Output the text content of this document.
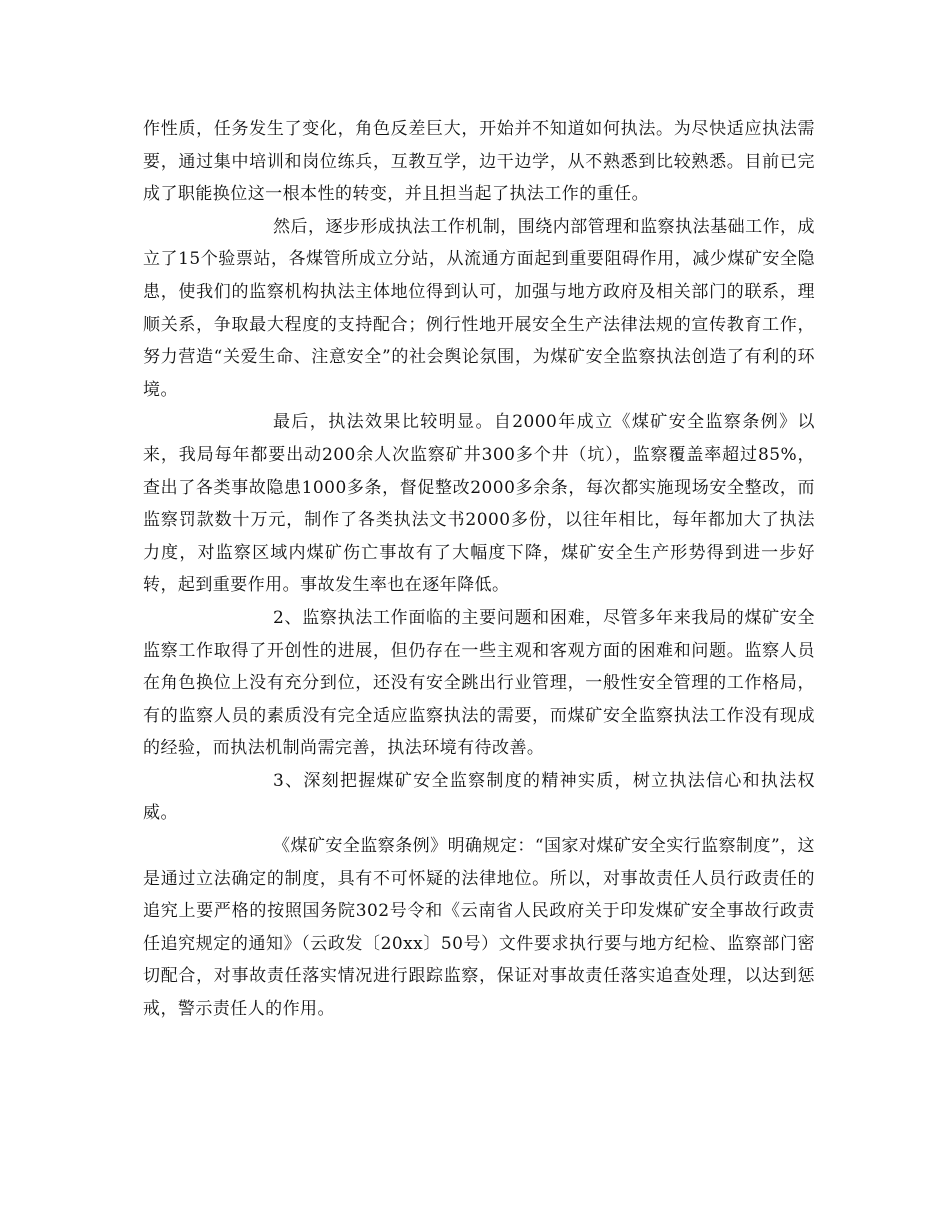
作性质，任务发生了变化，角色反差巨大，开始并不知道如何执法。为尽快适应执法需要，通过集中培训和岗位练兵，互教互学，边干边学，从不熟悉到比较熟悉。目前已完成了职能换位这一根本性的转变，并且担当起了执法工作的重任。

然后，逐步形成执法工作机制，围绕内部管理和监察执法基础工作，成立了15个验票站，各煤管所成立分站，从流通方面起到重要阻碍作用，减少煤矿安全隐患，使我们的监察机构执法主体地位得到认可，加强与地方政府及相关部门的联系，理顺关系，争取最大程度的支持配合；例行性地开展安全生产法律法规的宣传教育工作，努力营造“关爱生命、注意安全”的社会舆论氛围，为煤矿安全监察执法创造了有利的环境。

最后，执法效果比较明显。自2000年成立《煤矿安全监察条例》以来，我局每年都要出动200余人次监察矿井300多个井（坑），监察覆盖率超过85%，查出了各类事故隐患1000多条，督促整改2000多余条，每次都实施现场安全整改，而监察罚款数十万元，制作了各类执法文书2000多份，以往年相比，每年都加大了执法力度，对监察区域内煤矿伤亡事故有了大幅度下降，煤矿安全生产形势得到进一步好转，起到重要作用。事故发生率也在逐年降低。

2、监察执法工作面临的主要问题和困难，尽管多年来我局的煤矿安全监察工作取得了开创性的进展，但仍存在一些主观和客观方面的困难和问题。监察人员在角色换位上没有充分到位，还没有安全跳出行业管理，一般性安全管理的工作格局，有的监察人员的素质没有完全适应监察执法的需要，而煤矿安全监察执法工作没有现成的经验，而执法机制尚需完善，执法环境有待改善。

3、深刻把握煤矿安全监察制度的精神实质，树立执法信心和执法权威。

《煤矿安全监察条例》明确规定：“国家对煤矿安全实行监察制度”，这是通过立法确定的制度，具有不可怀疑的法律地位。所以，对事故责任人员行政责任的追究上要严格的按照国务院302号令和《云南省人民政府关于印发煤矿安全事故行政责任追究规定的通知》（云政发〔20xx〕50号）文件要求执行要与地方纪检、监察部门密切配合，对事故责任落实情况进行跟踪监察，保证对事故责任落实追查处理，以达到惩戒，警示责任人的作用。
